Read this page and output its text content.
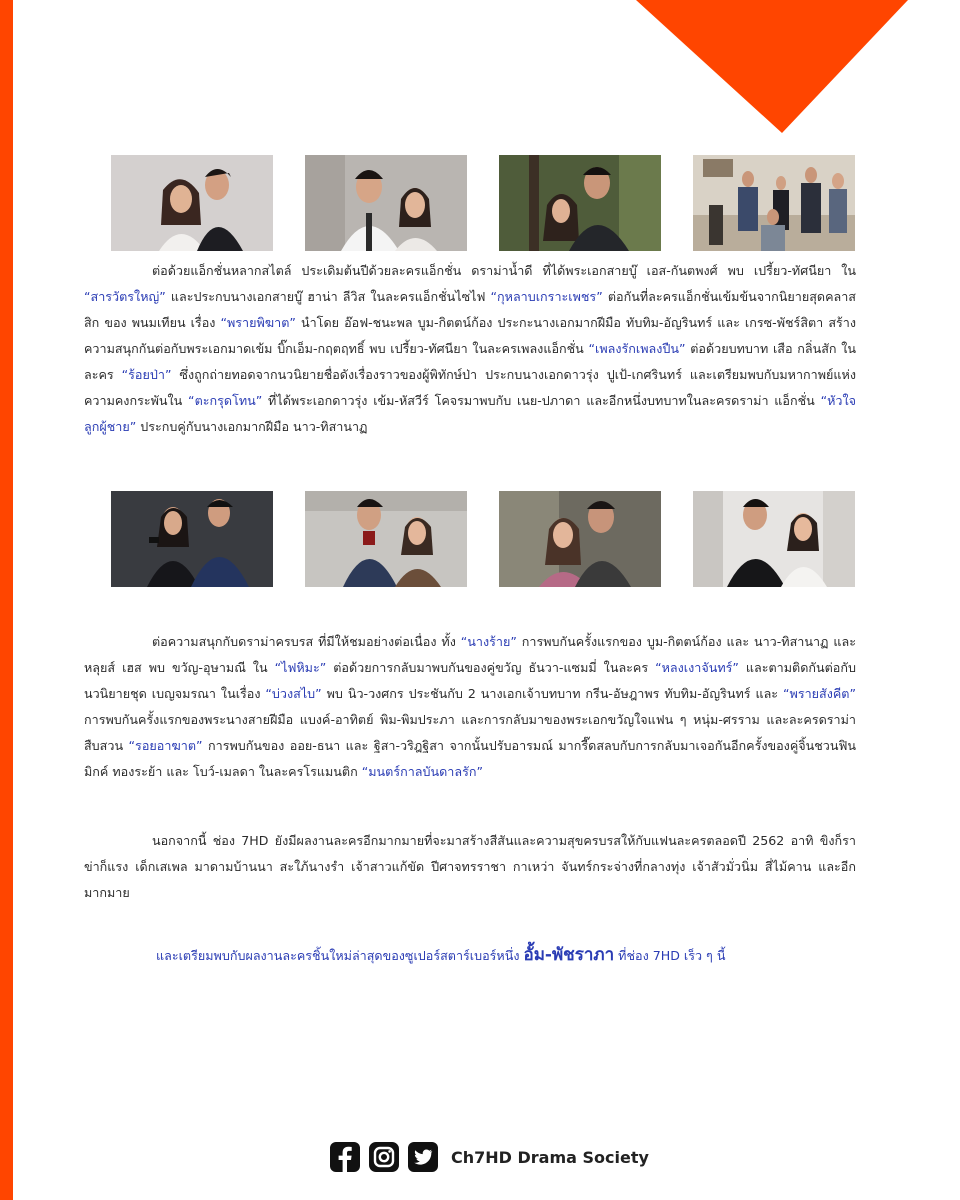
ต่อด้วยแอ็กชั่นหลากสไตล์ ประเดิมต้นปีด้วยละครแอ็กชั่น ดราม่าน้ำดี ที่ได้พระเอกสายบู๊ เอส-กันตพงศ์ พบ เปรี้ยว-ทัศนียา ใน “สารวัตรใหญ่” และประกบนางเอกสายบู๊ ฮาน่า ลีวิส ในละครแอ็กชั่นไซไฟ “กุหลาบเกราะเพชร” ต่อกันที่ละครแอ็กชั่นเข้มข้นจากนิยายสุดคลาสสิก ของ พนมเทียน เรื่อง “พรายพิฆาต” นำโดย อ๊อฟ-ชนะพล บูม-กิตตน์ก้อง ประกะนางเอกมากฝีมือ ทับทิม-อัญรินทร์ และ เกรซ-พัชร์สิตา สร้างความสนุกกันต่อกับพระเอกมาดเข้ม บิ๊กเอ็ม-กฤตฤทธิ์ พบ เปรี้ยว-ทัศนียา ในละครเพลงแอ็กชั่น “เพลงรักเพลงปืน” ต่อด้วยบทบาท เสือ กลิ่นสัก ในละคร “ร้อยป่า” ซึ่งถูกถ่ายทอดจากนวนิยายชื่อดังเรื่องราวของผู้พิทักษ์ป่า ประกบนางเอกดาวรุ่ง ปูเป้-เกศรินทร์ และเตรียมพบกับมหากาพย์แห่งความคงกระพันใน “ตะกรุดโทน” ที่ได้พระเอกดาวรุ่ง เข้ม-หัสวีร์ โคจรมาพบกับ เนย-ปภาดา และอีกหนึ่งบทบาทในละครดราม่า แอ็กชั่น “หัวใจลูกผู้ชาย” ประกบคู่กับนางเอกมากฝีมือ นาว-ทิสานาฏ

ต่อความสนุกกับดราม่าครบรส ที่มีให้ชมอย่างต่อเนื่อง ทั้ง “นางร้าย” การพบกันครั้งแรกของ บูม-กิตตน์ก้อง และ นาว-ทิสานาฏ และหลุยส์ เฮส พบ ขวัญ-อุษามณี ใน “ไฟหิมะ” ต่อด้วยการกลับมาพบกันของคู่ขวัญ ธันวา-แซมมี่ ในละคร “หลงเงาจันทร์” และตามติดกันต่อกับนวนิยายชุด เบญจมรณา ในเรื่อง “บ่วงสไบ” พบ นิว-วงศกร ประชันกับ 2 นางเอกเจ้าบทบาท กรีน-อัษฎาพร ทับทิม-อัญรินทร์ และ “พรายสังคีต” การพบกันครั้งแรกของพระนางสายฝีมือ แบงค์-อาทิตย์ พิม-พิมประภา และการกลับมาของพระเอกขวัญใจแฟน ๆ หนุ่ม-ศรราม และละครดราม่า สืบสวน “รอยอาฆาต” การพบกันของ ออย-ธนา และ ฐิสา-วริฎฐิสา จากนั้นปรับอารมณ์ มากรี๊ดสลบกับการกลับมาเจอกันอีกครั้งของคู่จิ้นชวนฟิน มิกค์ ทองระย้า และ โบว์-เมลดา ในละครโรแมนติก “มนตร์กาลบันดาลรัก”

นอกจากนี้ ช่อง 7HD ยังมีผลงานละครอีกมากมายที่จะมาสร้างสีสันและความสุขครบรสให้กับแฟนละครตลอดปี 2562 อาทิ ขิงก็ราข่าก็แรง เด็กเสเพล มาดามบ้านนา สะใภ้นางรำ เจ้าสาวแก้ขัด ปีศาจทรราชา กาเหว่า จันทร์กระจ่างที่กลางทุ่ง เจ้าสัวมั่วนิ่ม สี่ไม้คาน และอีกมากมาย

และเตรียมพบกับผลงานละครชิ้นใหม่ล่าสุดของซูเปอร์สตาร์เบอร์หนึ่ง อั้ม-พัชราภา ที่ช่อง 7HD เร็ว ๆ นี้

Ch7HD Drama Society
